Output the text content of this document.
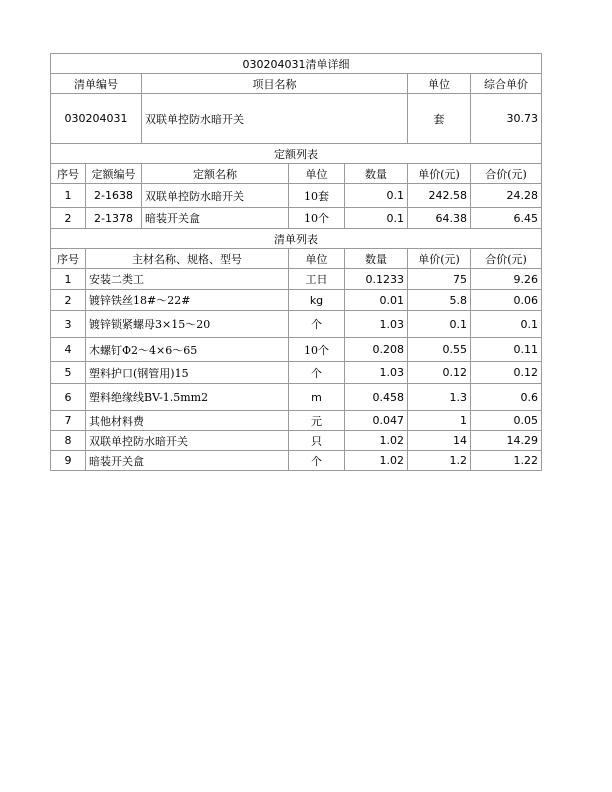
030204031清单详细						
清单编号		项目名称			单位	综合单价
030204031		双联单控防水暗开关			套	30.73
定额列表						
序号	定额编号	定额名称	单位	数量	单价(元)	合价(元)
1	2-1638	双联单控防水暗开关	10套	0.1	242.58	24.28
2	2-1378	暗装开关盒	10个	0.1	64.38	6.45
清单列表						
序号	主材名称、规格、型号		单位	数量	单价(元)	合价(元)
1	安装二类工		工日	0.1233	75	9.26
2	镀锌铁丝18#～22#		kg	0.01	5.8	0.06
3	镀锌锁紧螺母3×15～20		个	1.03	0.1	0.1
4	木螺钉Φ2～4×6～65		10个	0.208	0.55	0.11
5	塑料护口(钢管用)15		个	1.03	0.12	0.12
6	塑料绝缘线BV-1.5mm2		m	0.458	1.3	0.6
7	其他材料费		元	0.047	1	0.05
8	双联单控防水暗开关		只	1.02	14	14.29
9	暗装开关盒		个	1.02	1.2	1.22
